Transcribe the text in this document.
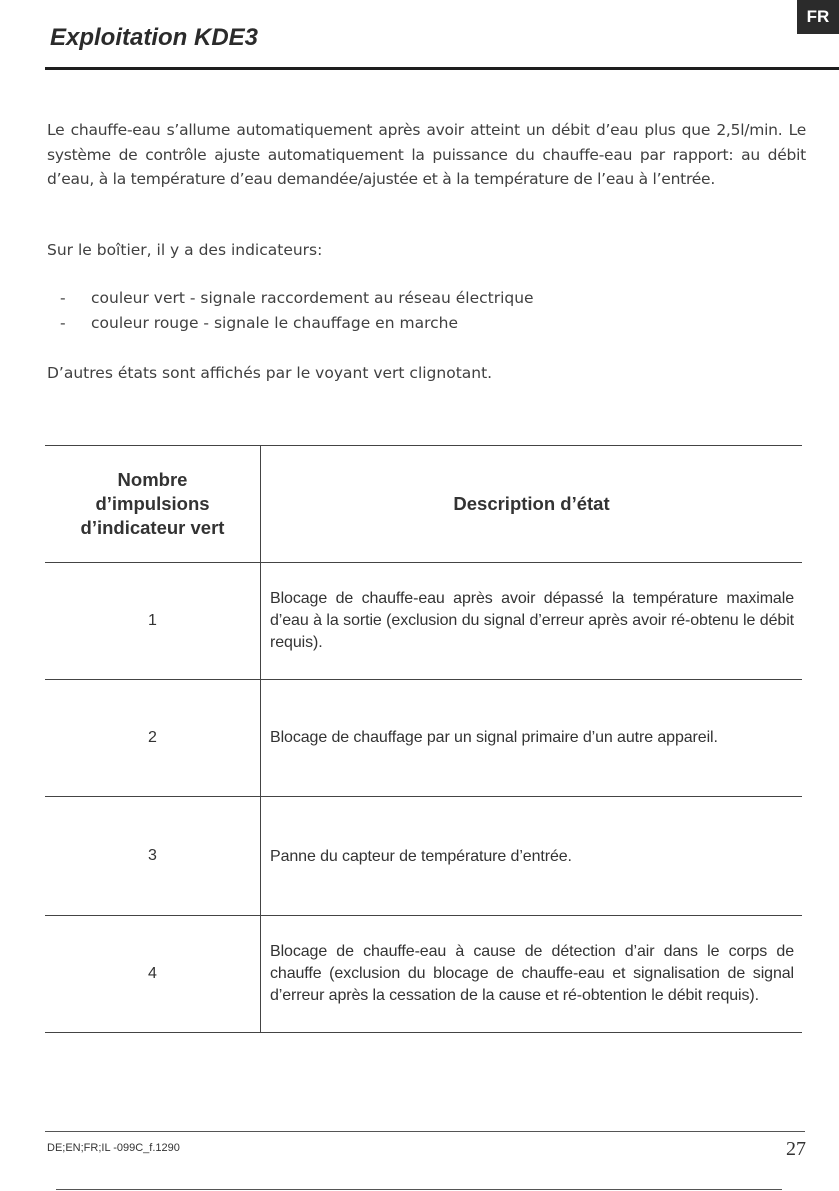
FR
Exploitation KDE3

Le chauffe-eau s’allume automatiquement après avoir atteint un débit d’eau plus que 2,5l/min. Le système de contrôle ajuste automatiquement la puissance du chauffe-eau par rapport: au débit d’eau, à la température d’eau demandée/ajustée et à la température de l’eau à l’entrée.

Sur le boîtier, il y a des indicateurs:

-	couleur vert - signale raccordement au réseau électrique
-	couleur rouge - signale le chauffage en marche

D’autres états sont affichés par le voyant vert clignotant.

Nombre d’impulsions d’indicateur vert	Description d’état
1	Blocage de chauffe-eau après avoir dépassé la température maximale d’eau à la sortie (exclusion du signal d’erreur après avoir ré-obtenu le débit requis).
2	Blocage de chauffage par un signal primaire d’un autre appareil.
3	Panne du capteur de température d’entrée.
4	Blocage de chauffe-eau à cause de détection d’air dans le corps de chauffe (exclusion du blocage de chauffe-eau et signalisation de signal d’erreur après la cessation de la cause et ré-obtention le débit requis).
DE;EN;FR;IL -099C_f.1290	27
